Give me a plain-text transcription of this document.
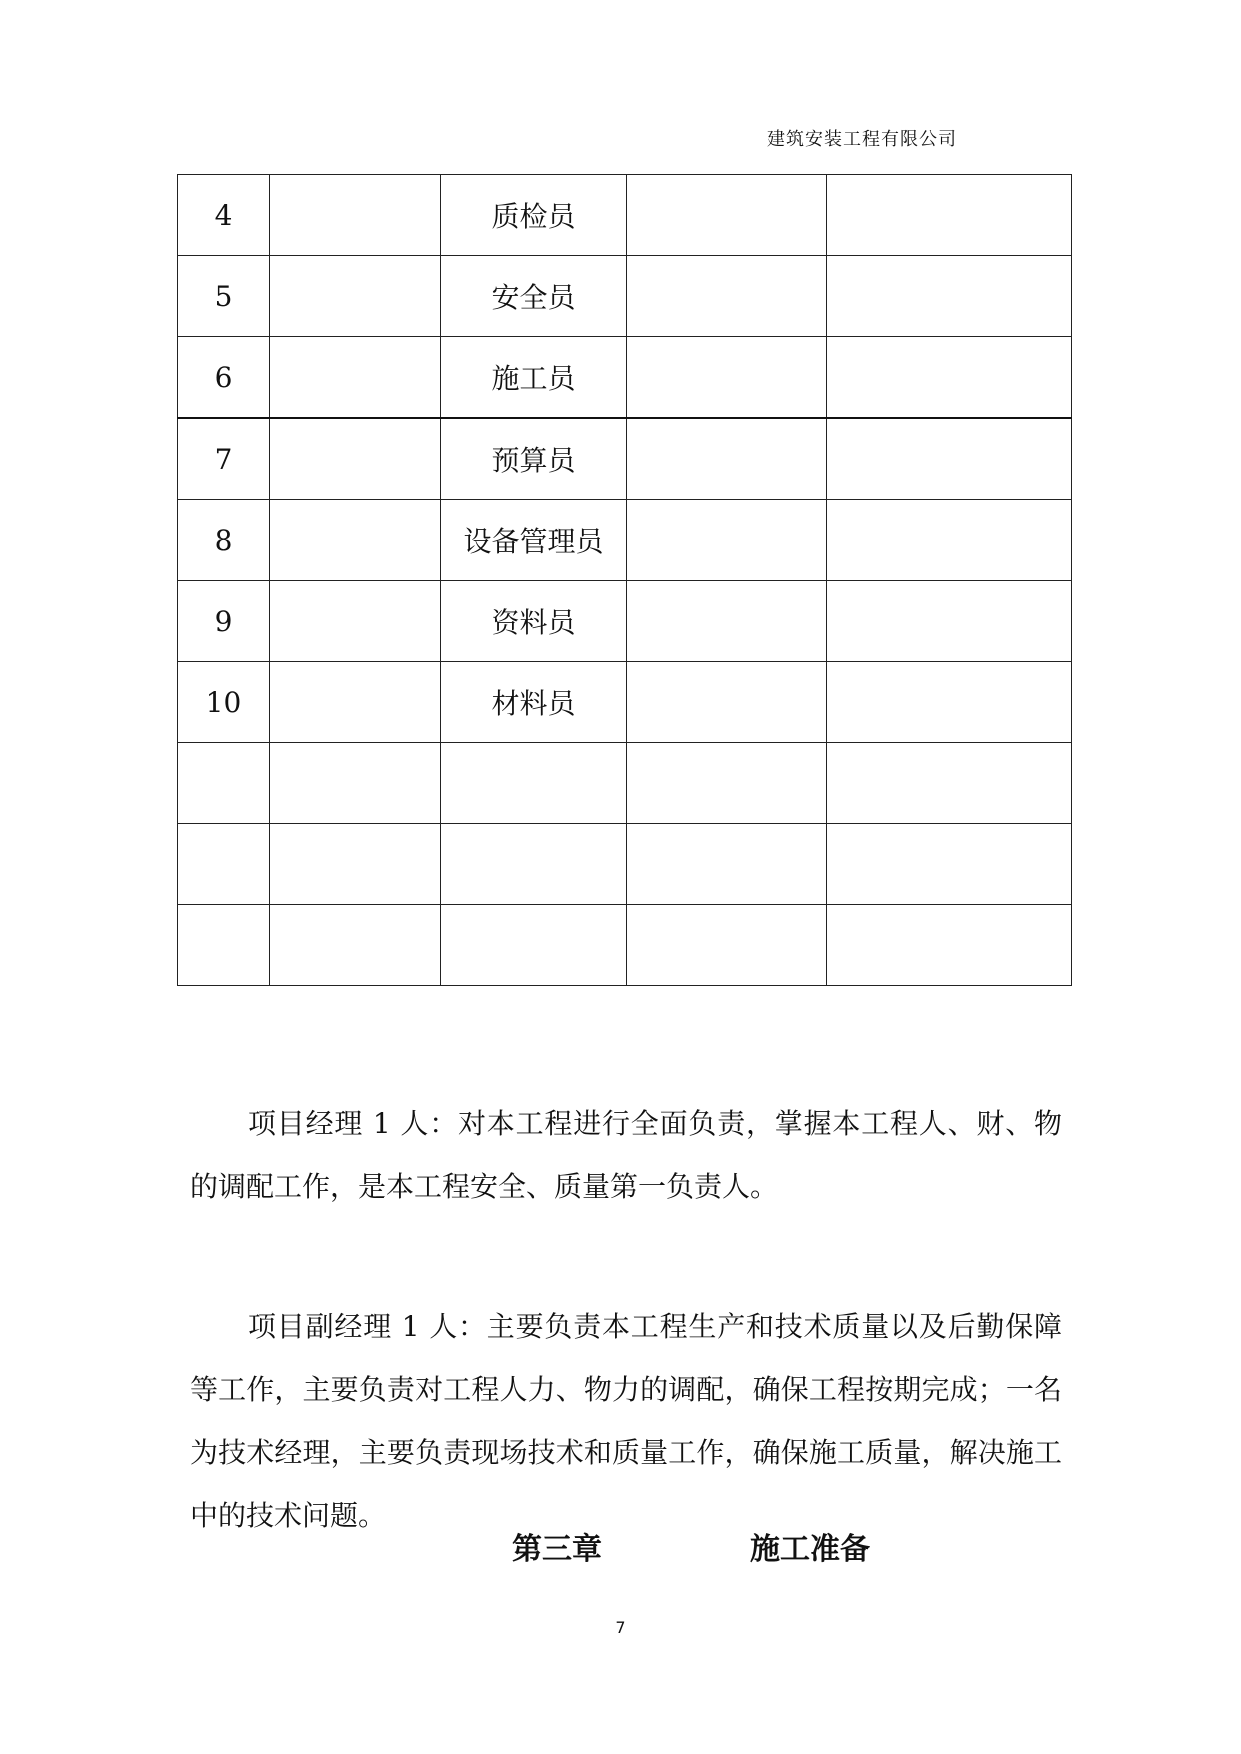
建筑安装工程有限公司
4		质检员		
5		安全员		
6		施工员		
7		预算员		
8		设备管理员		
9		资料员		
10		材料员		

项目经理 1 人：对本工程进行全面负责，掌握本工程人、财、物的调配工作，是本工程安全、质量第一负责人。

项目副经理 1 人：主要负责本工程生产和技术质量以及后勤保障等工作，主要负责对工程人力、物力的调配，确保工程按期完成；一名为技术经理，主要负责现场技术和质量工作，确保施工质量，解决施工中的技术问题。

第三章	施工准备
7
